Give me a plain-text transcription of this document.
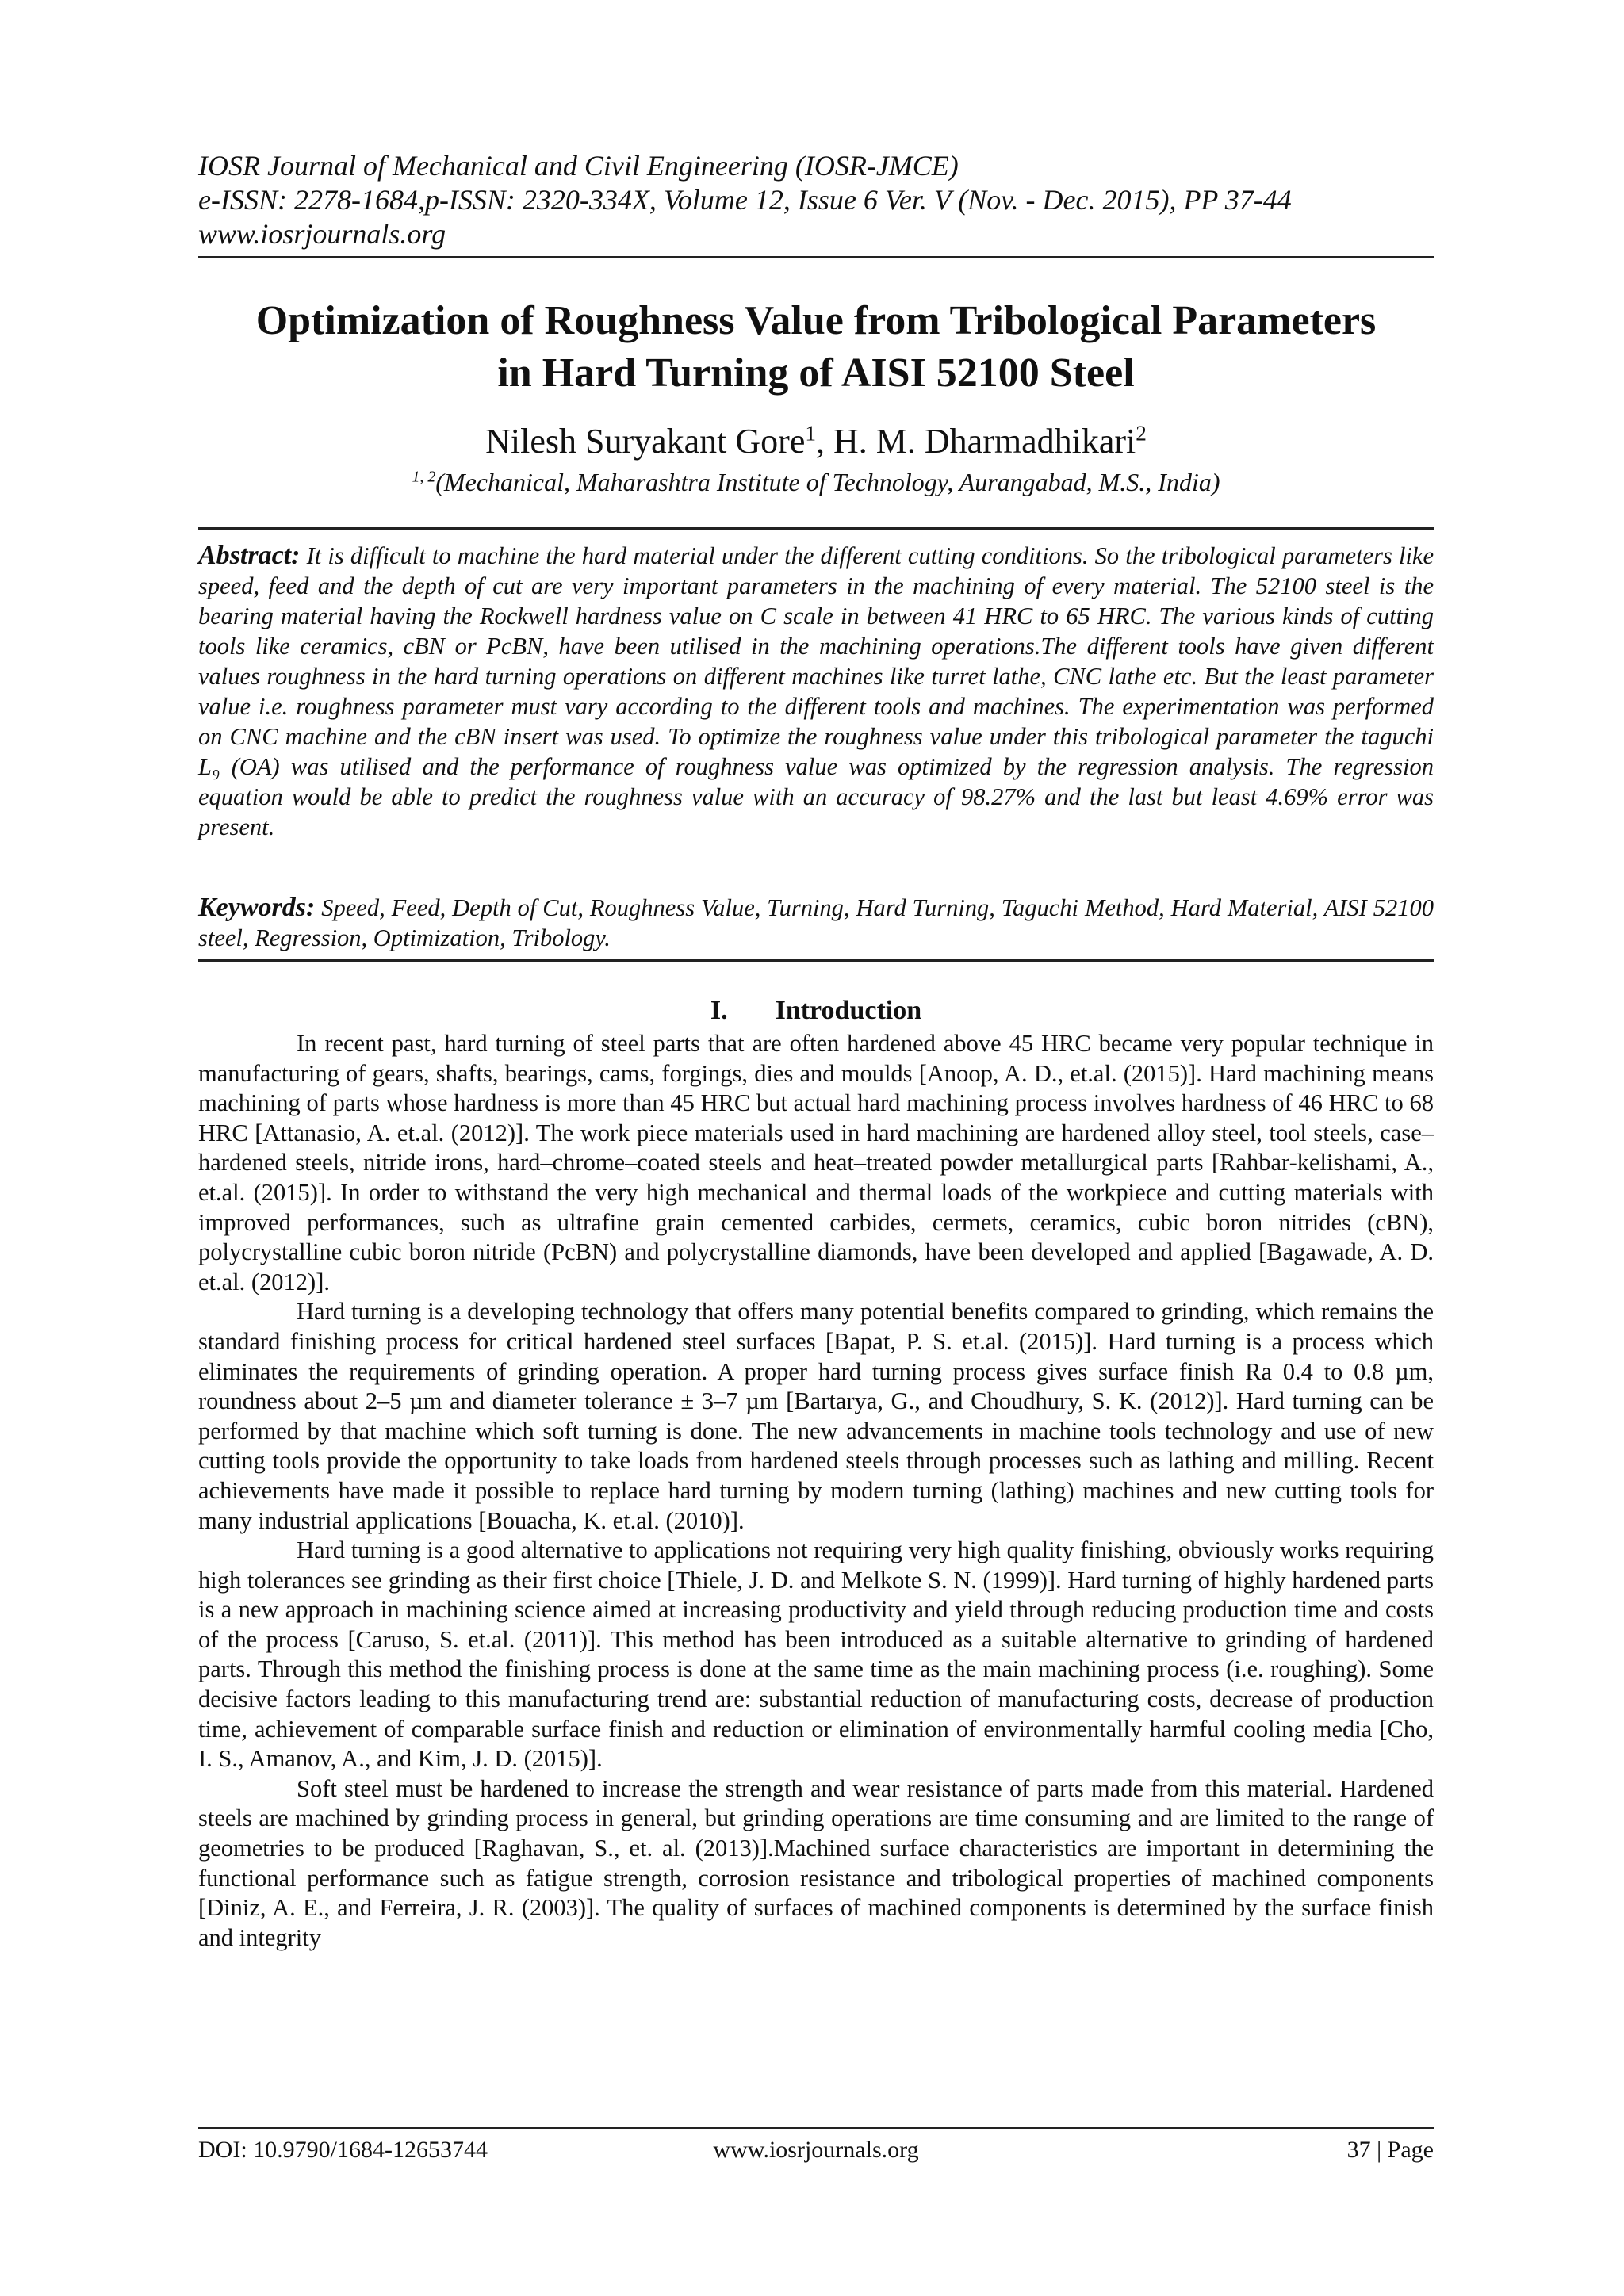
IOSR Journal of Mechanical and Civil Engineering (IOSR-JMCE)
e-ISSN: 2278-1684,p-ISSN: 2320-334X, Volume 12, Issue 6 Ver. V (Nov. - Dec. 2015), PP 37-44
www.iosrjournals.org
Optimization of Roughness Value from Tribological Parameters
in Hard Turning of AISI 52100 Steel
Nilesh Suryakant Gore$^1$, H. M. Dharmadhikari$^2$
$^{1, 2}$(Mechanical, Maharashtra Institute of Technology, Aurangabad, M.S., India)
Abstract: It is difficult to machine the hard material under the different cutting conditions. So the tribological parameters like speed, feed and the depth of cut are very important parameters in the machining of every material. The 52100 steel is the bearing material having the Rockwell hardness value on C scale in between 41 HRC to 65 HRC. The various kinds of cutting tools like ceramics, cBN or PcBN, have been utilised in the machining operations.The different tools have given different values roughness in the hard turning operations on different machines like turret lathe, CNC lathe etc. But the least parameter value i.e. roughness parameter must vary according to the different tools and machines. The experimentation was performed on CNC machine and the cBN insert was used. To optimize the roughness value under this tribological parameter the taguchi L₉ (OA) was utilised and the performance of roughness value was optimized by the regression analysis. The regression equation would be able to predict the roughness value with an accuracy of 98.27% and the last but least 4.69% error was present.
Keywords: Speed, Feed, Depth of Cut, Roughness Value, Turning, Hard Turning, Taguchi Method, Hard Material, AISI 52100 steel, Regression, Optimization, Tribology.
I. Introduction

In recent past, hard turning of steel parts that are often hardened above 45 HRC became very popular technique in manufacturing of gears, shafts, bearings, cams, forgings, dies and moulds [Anoop, A. D., et.al. (2015)]. Hard machining means machining of parts whose hardness is more than 45 HRC but actual hard machining process involves hardness of 46 HRC to 68 HRC [Attanasio, A. et.al. (2012)]. The work piece materials used in hard machining are hardened alloy steel, tool steels, case–hardened steels, nitride irons, hard–chrome–coated steels and heat–treated powder metallurgical parts [Rahbar-kelishami, A., et.al. (2015)]. In order to withstand the very high mechanical and thermal loads of the workpiece and cutting materials with improved performances, such as ultrafine grain cemented carbides, cermets, ceramics, cubic boron nitrides (cBN), polycrystalline cubic boron nitride (PcBN) and polycrystalline diamonds, have been developed and applied [Bagawade, A. D. et.al. (2012)].

Hard turning is a developing technology that offers many potential benefits compared to grinding, which remains the standard finishing process for critical hardened steel surfaces [Bapat, P. S. et.al. (2015)]. Hard turning is a process which eliminates the requirements of grinding operation. A proper hard turning process gives surface finish Ra 0.4 to 0.8 µm, roundness about 2–5 µm and diameter tolerance ± 3–7 µm [Bartarya, G., and Choudhury, S. K. (2012)]. Hard turning can be performed by that machine which soft turning is done. The new advancements in machine tools technology and use of new cutting tools provide the opportunity to take loads from hardened steels through processes such as lathing and milling. Recent achievements have made it possible to replace hard turning by modern turning (lathing) machines and new cutting tools for many industrial applications [Bouacha, K. et.al. (2010)].

Hard turning is a good alternative to applications not requiring very high quality finishing, obviously works requiring high tolerances see grinding as their first choice [Thiele, J. D. and Melkote S. N. (1999)]. Hard turning of highly hardened parts is a new approach in machining science aimed at increasing productivity and yield through reducing production time and costs of the process [Caruso, S. et.al. (2011)]. This method has been introduced as a suitable alternative to grinding of hardened parts. Through this method the finishing process is done at the same time as the main machining process (i.e. roughing). Some decisive factors leading to this manufacturing trend are: substantial reduction of manufacturing costs, decrease of production time, achievement of comparable surface finish and reduction or elimination of environmentally harmful cooling media [Cho, I. S., Amanov, A., and Kim, J. D. (2015)].

Soft steel must be hardened to increase the strength and wear resistance of parts made from this material. Hardened steels are machined by grinding process in general, but grinding operations are time consuming and are limited to the range of geometries to be produced [Raghavan, S., et. al. (2013)].Machined surface characteristics are important in determining the functional performance such as fatigue strength, corrosion resistance and tribological properties of machined components [Diniz, A. E., and Ferreira, J. R. (2003)]. The quality of surfaces of machined components is determined by the surface finish and integrity

www.iosrjournals.org
DOI: 10.9790/1684-12653744	37 | Page
